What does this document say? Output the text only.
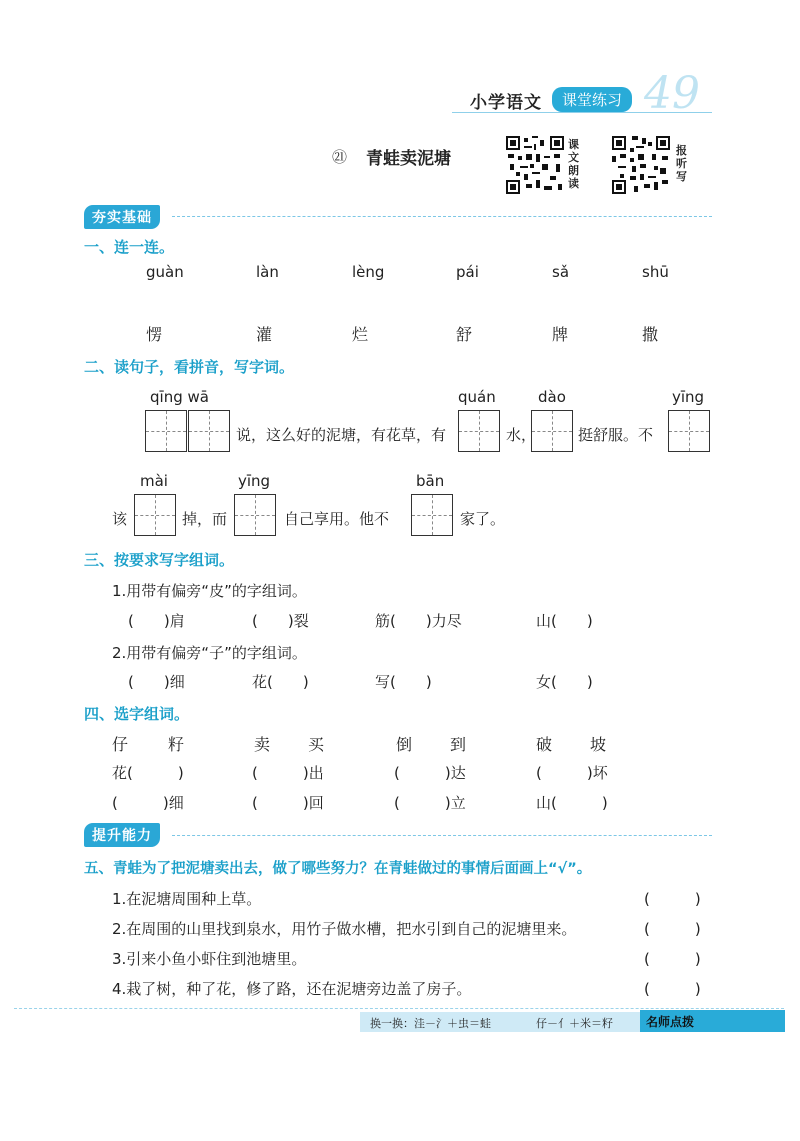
小学语文	课堂练习 49
㉑ 青蛙卖泥塘
课文朗读
报听写
夯实基础
一、连一连。
guàn	làn	lèng	pái	sǎ	shū
愣	灌	烂	舒	牌	撒
二、读句子，看拼音，写字词。
qīng wā
说，这么好的泥塘，有花草，有
quán
水，
dào
挺舒服。不
yīng
该
mài
掉，而
yīng
自己享用。他不
bān
家了。
三、按要求写字组词。
1.用带有偏旁“皮”的字组词。
(　　)肩	(　　)裂	筋(　　)力尽	山(　　)
2.用带有偏旁“子”的字组词。
(　　)细	花(　　)	写(　　)	女(　　)
四、选字组词。
仔 籽	卖 买	倒 到	破 坡
花(　　　)	(　　　)出	(　　　)达	(　　　)坏
(　　　)细	(　　　)回	(　　　)立	山(　　　)
提升能力
五、青蛙为了把泥塘卖出去，做了哪些努力？在青蛙做过的事情后面画上“√”。
1.在泥塘周围种上草。	(　　　)
2.在周围的山里找到泉水，用竹子做水槽，把水引到自己的泥塘里来。	(　　　)
3.引来小鱼小虾住到池塘里。	(　　　)
4.栽了树，种了花，修了路，还在泥塘旁边盖了房子。	(　　　)
换一换：洼－氵＋虫＝蛙	仔－亻＋米＝籽	名师点拨
